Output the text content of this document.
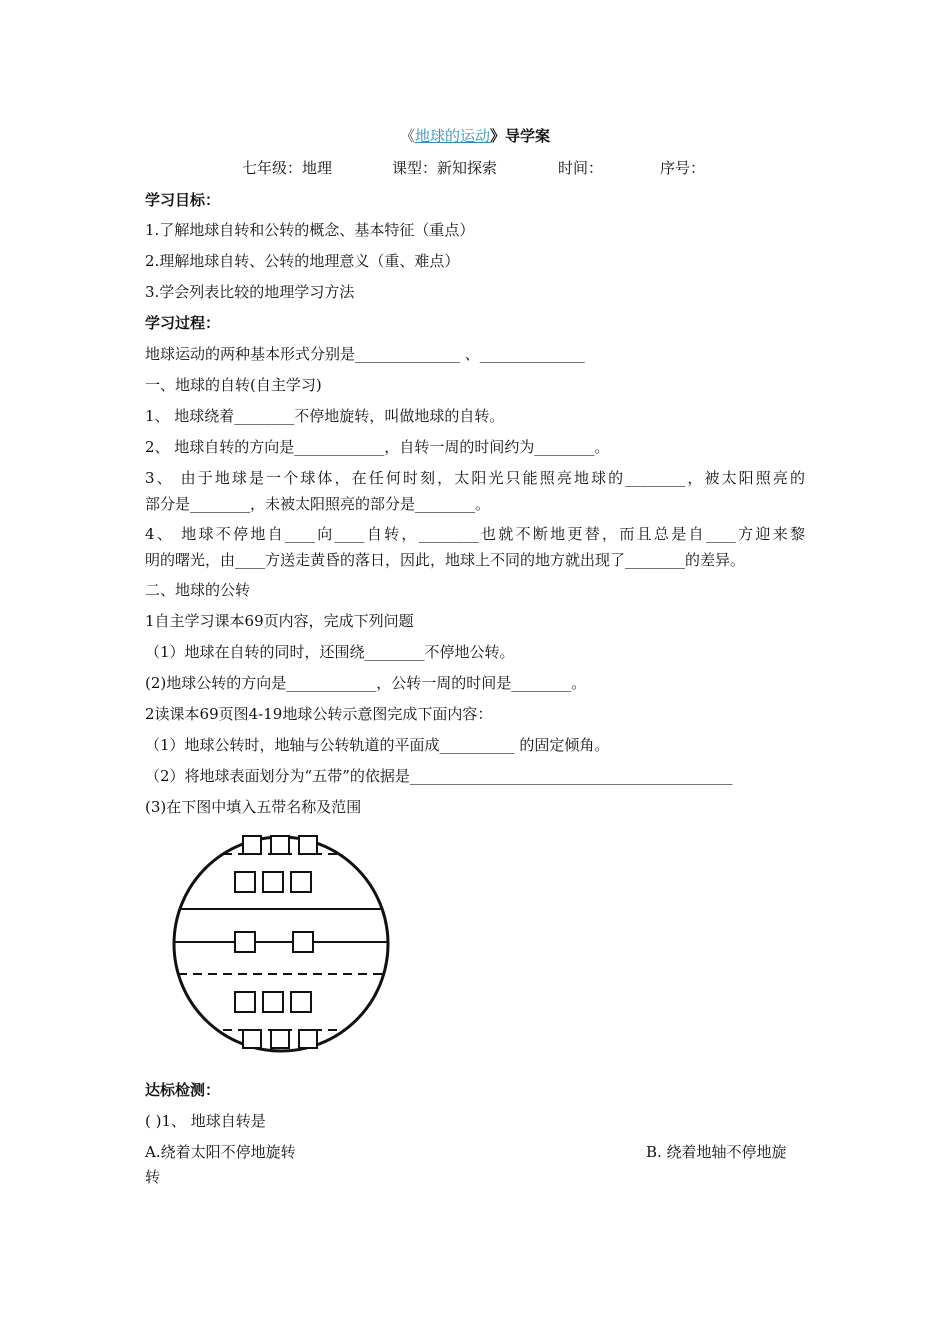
《地球的运动》导学案
七年级：地理	课型：新知探索	时间：	序号：
学习目标：
1.了解地球自转和公转的概念、基本特征（重点）
2.理解地球自转、公转的地理意义（重、难点）
3.学会列表比较的地理学习方法
学习过程：
地球运动的两种基本形式分别是______________ 、______________
一、地球的自转(自主学习)
1、 地球绕着________不停地旋转，叫做地球的自转。
2、 地球自转的方向是____________，自转一周的时间约为________。
3、 由于地球是一个球体，在任何时刻，太阳光只能照亮地球的________，被太阳照亮的
部分是________，未被太阳照亮的部分是________。
4、 地球不停地自____向____自转，________也就不断地更替，而且总是自____方迎来黎
明的曙光，由____方送走黄昏的落日，因此，地球上不同的地方就出现了________的差异。
二、地球的公转
1自主学习课本69页内容，完成下列问题
（1）地球在自转的同时，还围绕________不停地公转。
(2)地球公转的方向是____________，公转一周的时间是________。
2读课本69页图4-19地球公转示意图完成下面内容：
（1）地球公转时，地轴与公转轨道的平面成__________ 的固定倾角。
（2）将地球表面划分为“五带”的依据是___________________________________________
(3)在下图中填入五带名称及范围
达标检测：
( )1、 地球自转是
A.绕着太阳不停地旋转	B. 绕着地轴不停地旋
转
